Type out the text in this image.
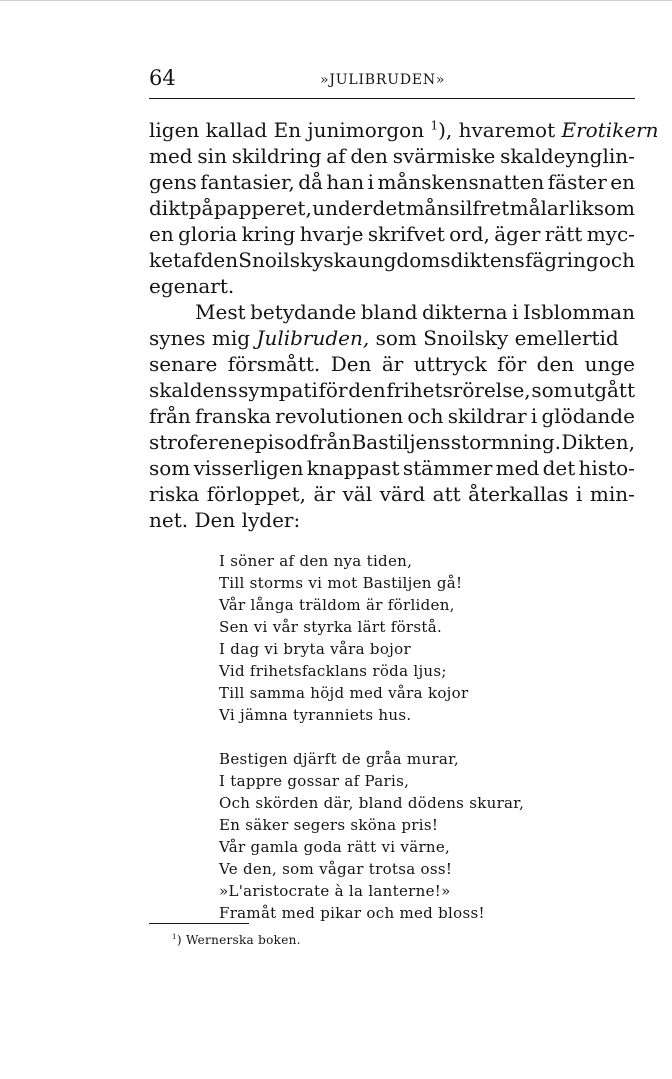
64	»JULIBRUDEN»
ligen kallad En junimorgon $^1$), hvaremot Erotikern
med sin skildring af den svärmiske skaldeynglin-
gens fantasier, då han i månskensnatten fäster en
dikt på papperet, under det månsilfret målar liksom
en gloria kring hvarje skrifvet ord, äger rätt myc-
ket af den Snoilskyska ungdomsdiktens fägring och
egenart.
Mest betydande bland dikterna i Isblomman
synes mig Julibruden, som Snoilsky emellertid
senare försmått. Den är uttryck för den unge
skaldens sympati för den frihetsrörelse, som utgått
från franska revolutionen och skildrar i glödande
strofer en episod från Bastiljens stormning. Dikten,
som visserligen knappast stämmer med det histo-
riska förloppet, är väl värd att återkallas i min-
net. Den lyder:
I söner af den nya tiden,
Till storms vi mot Bastiljen gå!
Vår långa träldom är förliden,
Sen vi vår styrka lärt förstå.
I dag vi bryta våra bojor
Vid frihetsfacklans röda ljus;
Till samma höjd med våra kojor
Vi jämna tyranniets hus.
Bestigen djärft de gråa murar,
I tappre gossar af Paris,
Och skörden där, bland dödens skurar,
En säker segers sköna pris!
Vår gamla goda rätt vi värne,
Ve den, som vågar trotsa oss!
»L'aristocrate à la lanterne!»
Framåt med pikar och med bloss!
$^1$) Wernerska boken.
